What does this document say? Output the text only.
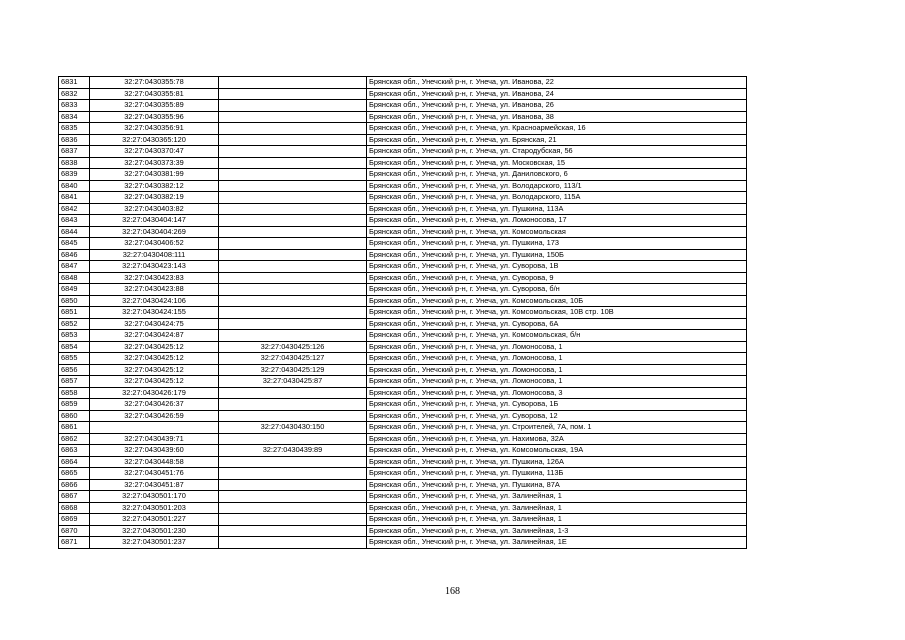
6831	32:27:0430355:78		Брянская обл., Унечский р-н, г. Унеча, ул. Иванова, 22
6832	32:27:0430355:81		Брянская обл., Унечский р-н, г. Унеча, ул. Иванова, 24
6833	32:27:0430355:89		Брянская обл., Унечский р-н, г. Унеча, ул. Иванова, 26
6834	32:27:0430355:96		Брянская обл., Унечский р-н, г. Унеча, ул. Иванова, 38
6835	32:27:0430356:91		Брянская обл., Унечский р-н, г. Унеча, ул. Красноармейская, 16
6836	32:27:0430365:120		Брянская обл., Унечский р-н, г. Унеча, ул. Брянская, 21
6837	32:27:0430370:47		Брянская обл., Унечский р-н, г. Унеча, ул. Стародубская, 56
6838	32:27:0430373:39		Брянская обл., Унечский р-н, г. Унеча, ул. Московская, 15
6839	32:27:0430381:99		Брянская обл., Унечский р-н, г. Унеча, ул. Даниловского, 6
6840	32:27:0430382:12		Брянская обл., Унечский р-н, г. Унеча, ул. Володарского, 113/1
6841	32:27:0430382:19		Брянская обл., Унечский р-н, г. Унеча, ул. Володарского, 115А
6842	32:27:0430403:82		Брянская обл., Унечский р-н, г. Унеча, ул. Пушкина, 113А
6843	32:27:0430404:147		Брянская обл., Унечский р-н, г. Унеча, ул. Ломоносова, 17
6844	32:27:0430404:269		Брянская обл., Унечский р-н, г. Унеча, ул. Комсомольская
6845	32:27:0430406:52		Брянская обл., Унечский р-н, г. Унеча, ул. Пушкина, 173
6846	32:27:0430408:111		Брянская обл., Унечский р-н, г. Унеча, ул. Пушкина, 150Б
6847	32:27:0430423:143		Брянская обл., Унечский р-н, г. Унеча, ул. Суворова, 1В
6848	32:27:0430423:83		Брянская обл., Унечский р-н, г. Унеча, ул. Суворова, 9
6849	32:27:0430423:88		Брянская обл., Унечский р-н, г. Унеча, ул. Суворова, б/н
6850	32:27:0430424:106		Брянская обл., Унечский р-н, г. Унеча, ул. Комсомольская, 10Б
6851	32:27:0430424:155		Брянская обл., Унечский р-н, г. Унеча, ул. Комсомольская, 10В стр. 10В
6852	32:27:0430424:75		Брянская обл., Унечский р-н, г. Унеча, ул. Суворова, 6А
6853	32:27:0430424:87		Брянская обл., Унечский р-н, г. Унеча, ул. Комсомольская, б/н
6854	32:27:0430425:12	32:27:0430425:126	Брянская обл., Унечский р-н, г. Унеча, ул. Ломоносова, 1
6855	32:27:0430425:12	32:27:0430425:127	Брянская обл., Унечский р-н, г. Унеча, ул. Ломоносова, 1
6856	32:27:0430425:12	32:27:0430425:129	Брянская обл., Унечский р-н, г. Унеча, ул. Ломоносова, 1
6857	32:27:0430425:12	32:27:0430425:87	Брянская обл., Унечский р-н, г. Унеча, ул. Ломоносова, 1
6858	32:27:0430426:179		Брянская обл., Унечский р-н, г. Унеча, ул. Ломоносова, 3
6859	32:27:0430426:37		Брянская обл., Унечский р-н, г. Унеча, ул. Суворова, 1Б
6860	32:27:0430426:59		Брянская обл., Унечский р-н, г. Унеча, ул. Суворова, 12
6861		32:27:0430430:150	Брянская обл., Унечский р-н, г. Унеча, ул. Строителей, 7А, пом. 1
6862	32:27:0430439:71		Брянская обл., Унечский р-н, г. Унеча, ул. Нахимова, 32А
6863	32:27:0430439:60	32:27:0430439:89	Брянская обл., Унечский р-н, г. Унеча, ул. Комсомольская, 19А
6864	32:27:0430448:58		Брянская обл., Унечский р-н, г. Унеча, ул. Пушкина, 126А
6865	32:27:0430451:76		Брянская обл., Унечский р-н, г. Унеча, ул. Пушкина, 113Б
6866	32:27:0430451:87		Брянская обл., Унечский р-н, г. Унеча, ул. Пушкина, 87А
6867	32:27:0430501:170		Брянская обл., Унечский р-н, г. Унеча, ул. Залинейная, 1
6868	32:27:0430501:203		Брянская обл., Унечский р-н, г. Унеча, ул. Залинейная, 1
6869	32:27:0430501:227		Брянская обл., Унечский р-н, г. Унеча, ул. Залинейная, 1
6870	32:27:0430501:230		Брянская обл., Унечский р-н, г. Унеча, ул. Залинейная, 1-3
6871	32:27:0430501:237		Брянская обл., Унечский р-н, г. Унеча, ул. Залинейная, 1Е
168
